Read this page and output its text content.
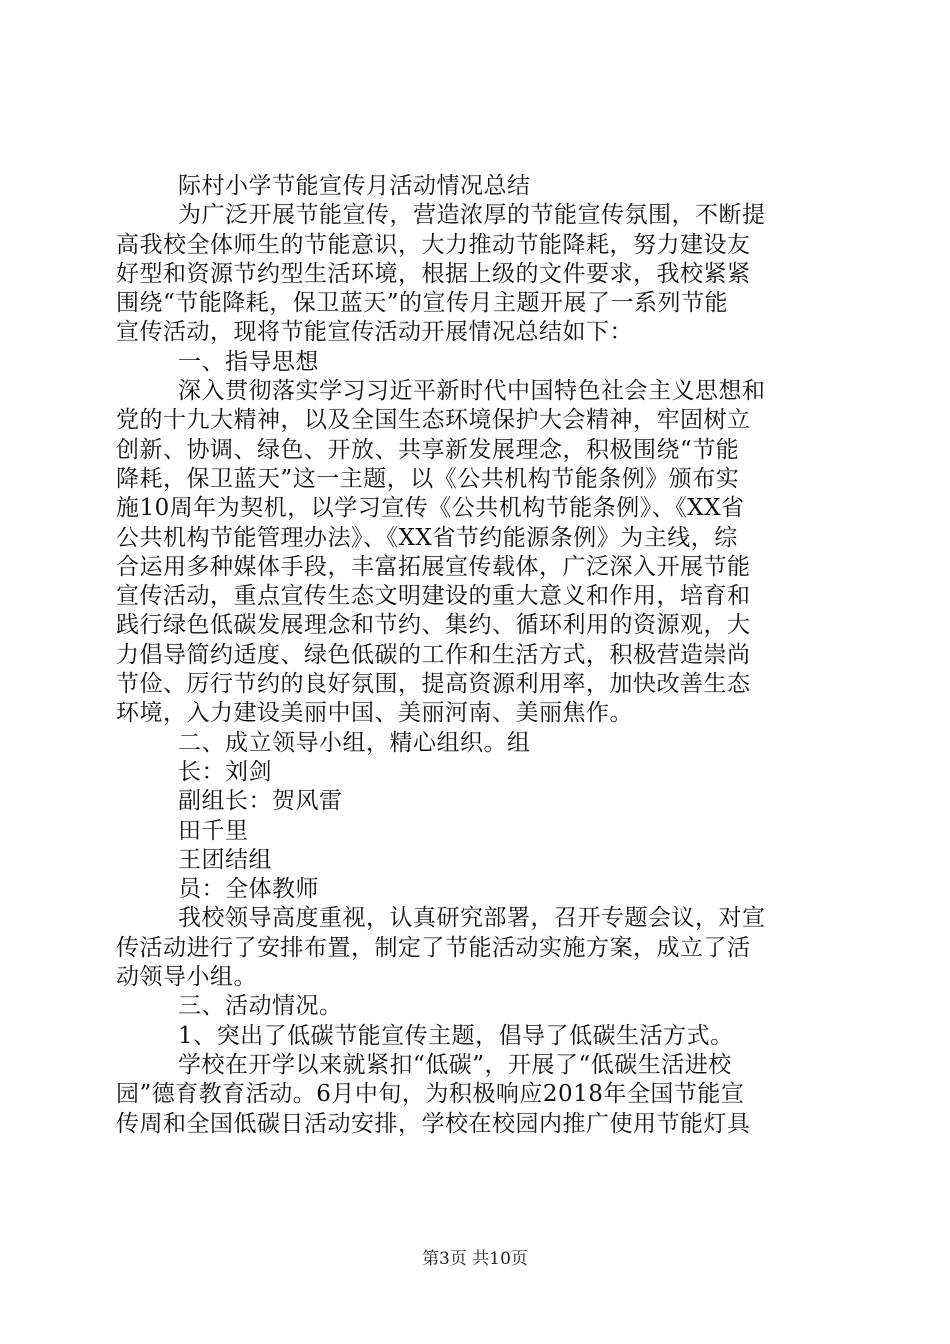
际村小学节能宣传月活动情况总结
为广泛开展节能宣传，营造浓厚的节能宣传氛围，不断提
高我校全体师生的节能意识，大力推动节能降耗，努力建设友
好型和资源节约型生活环境，根据上级的文件要求，我校紧紧
围绕“节能降耗，保卫蓝天”的宣传月主题开展了一系列节能
宣传活动，现将节能宣传活动开展情况总结如下：
一、指导思想
深入贯彻落实学习习近平新时代中国特色社会主义思想和
党的十九大精神，以及全国生态环境保护大会精神，牢固树立
创新、协调、绿色、开放、共享新发展理念，积极围绕“节能
降耗，保卫蓝天”这一主题，以《公共机构节能条例》颁布实
施10周年为契机，以学习宣传《公共机构节能条例》、《XX省
公共机构节能管理办法》、《XX省节约能源条例》为主线，综
合运用多种媒体手段，丰富拓展宣传载体，广泛深入开展节能
宣传活动，重点宣传生态文明建设的重大意义和作用，培育和
践行绿色低碳发展理念和节约、集约、循环利用的资源观，大
力倡导简约适度、绿色低碳的工作和生活方式，积极营造崇尚
节俭、厉行节约的良好氛围，提高资源利用率，加快改善生态
环境，入力建设美丽中国、美丽河南、美丽焦作。
二、成立领导小组，精心组织。组
长：刘剑
副组长：贺风雷
田千里
王团结组
员：全体教师
我校领导高度重视，认真研究部署，召开专题会议，对宣
传活动进行了安排布置，制定了节能活动实施方案，成立了活
动领导小组。
三、活动情况。
1、突出了低碳节能宣传主题，倡导了低碳生活方式。
学校在开学以来就紧扣“低碳”，开展了“低碳生活进校
园”德育教育活动。6月中旬，为积极响应2018年全国节能宣
传周和全国低碳日活动安排，学校在校园内推广使用节能灯具
第3页 共10页
